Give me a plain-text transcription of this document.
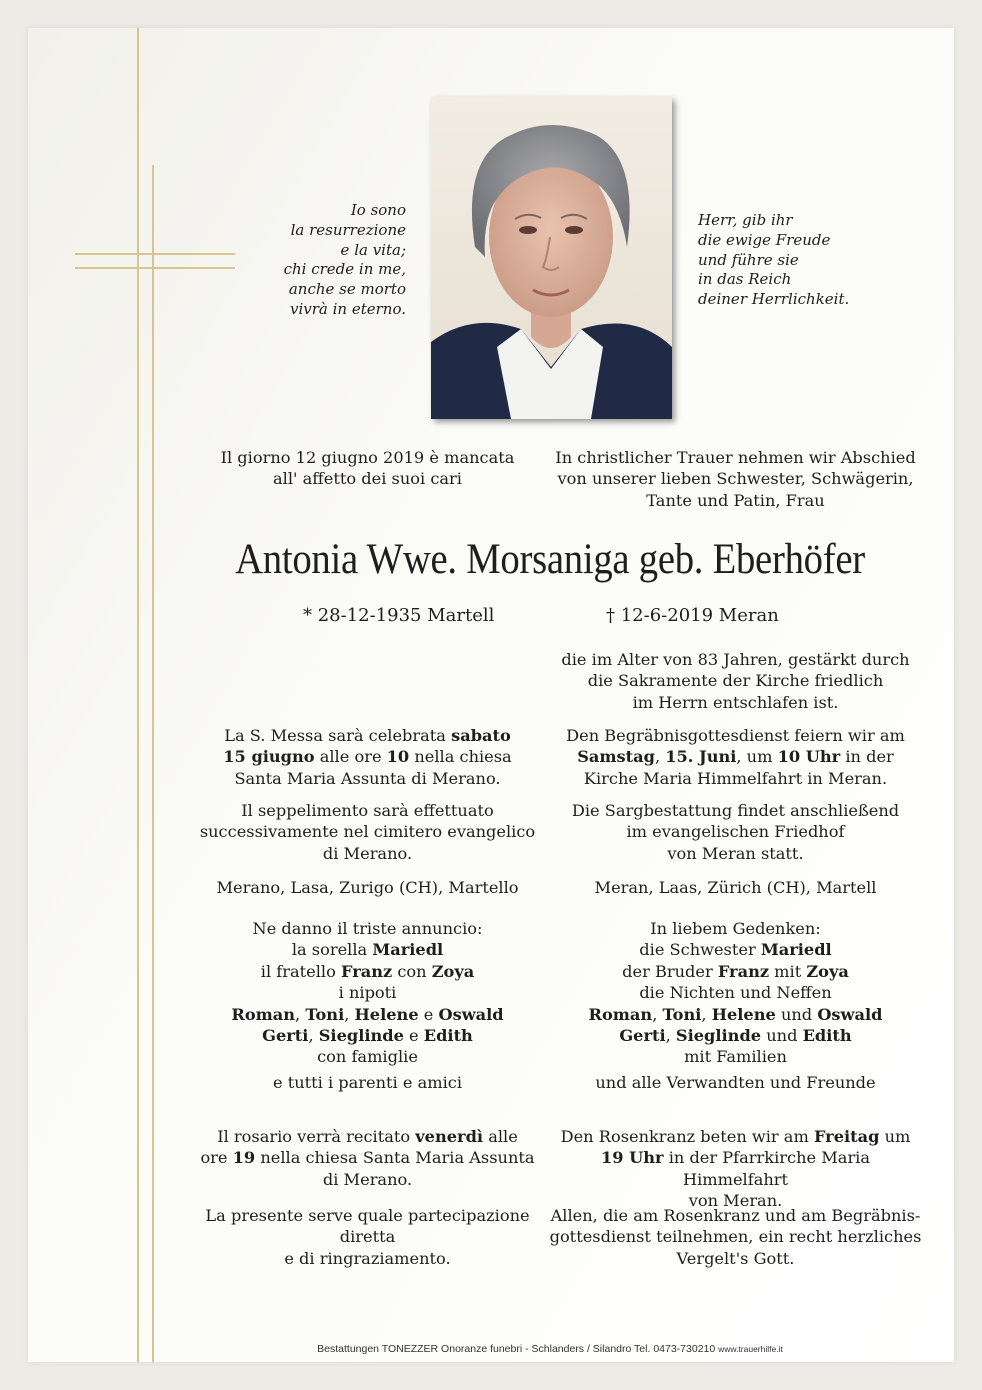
Io sono
la resurrezione
e la vita;
chi crede in me,
anche se morto
vivrà in eterno.
Herr, gib ihr
die ewige Freude
und führe sie
in das Reich
deiner Herrlichkeit.
Il giorno 12 giugno 2019 è mancata
all' affetto dei suoi cari
In christlicher Trauer nehmen wir Abschied
von unserer lieben Schwester, Schwägerin,
Tante und Patin, Frau
Antonia Wwe. Morsaniga geb. Eberhöfer
* 28-12-1935 Martell	† 12-6-2019 Meran
die im Alter von 83 Jahren, gestärkt durch
die Sakramente der Kirche friedlich
im Herrn entschlafen ist.
La S. Messa sarà celebrata sabato
15 giugno alle ore 10 nella chiesa
Santa Maria Assunta di Merano.
Den Begräbnisgottesdienst feiern wir am
Samstag, 15. Juni, um 10 Uhr in der
Kirche Maria Himmelfahrt in Meran.
Il seppelimento sarà effettuato
successivamente nel cimitero evangelico
di Merano.
Die Sargbestattung findet anschließend
im evangelischen Friedhof
von Meran statt.
Merano, Lasa, Zurigo (CH), Martello	Meran, Laas, Zürich (CH), Martell
Ne danno il triste annuncio:
la sorella Mariedl
il fratello Franz con Zoya
i nipoti
Roman, Toni, Helene e Oswald
Gerti, Sieglinde e Edith
con famiglie
e tutti i parenti e amici
In liebem Gedenken:
die Schwester Mariedl
der Bruder Franz mit Zoya
die Nichten und Neffen
Roman, Toni, Helene und Oswald
Gerti, Sieglinde und Edith
mit Familien
und alle Verwandten und Freunde
Il rosario verrà recitato venerdì alle
ore 19 nella chiesa Santa Maria Assunta
di Merano.
Den Rosenkranz beten wir am Freitag um
19 Uhr in der Pfarrkirche Maria Himmelfahrt
von Meran.
La presente serve quale partecipazione diretta
e di ringraziamento.
Allen, die am Rosenkranz und am Begräbnis-
gottesdienst teilnehmen, ein recht herzliches
Vergelt's Gott.
Bestattungen TONEZZER Onoranze funebri - Schlanders / Silandro Tel. 0473-730210 www.trauerhilfe.it
